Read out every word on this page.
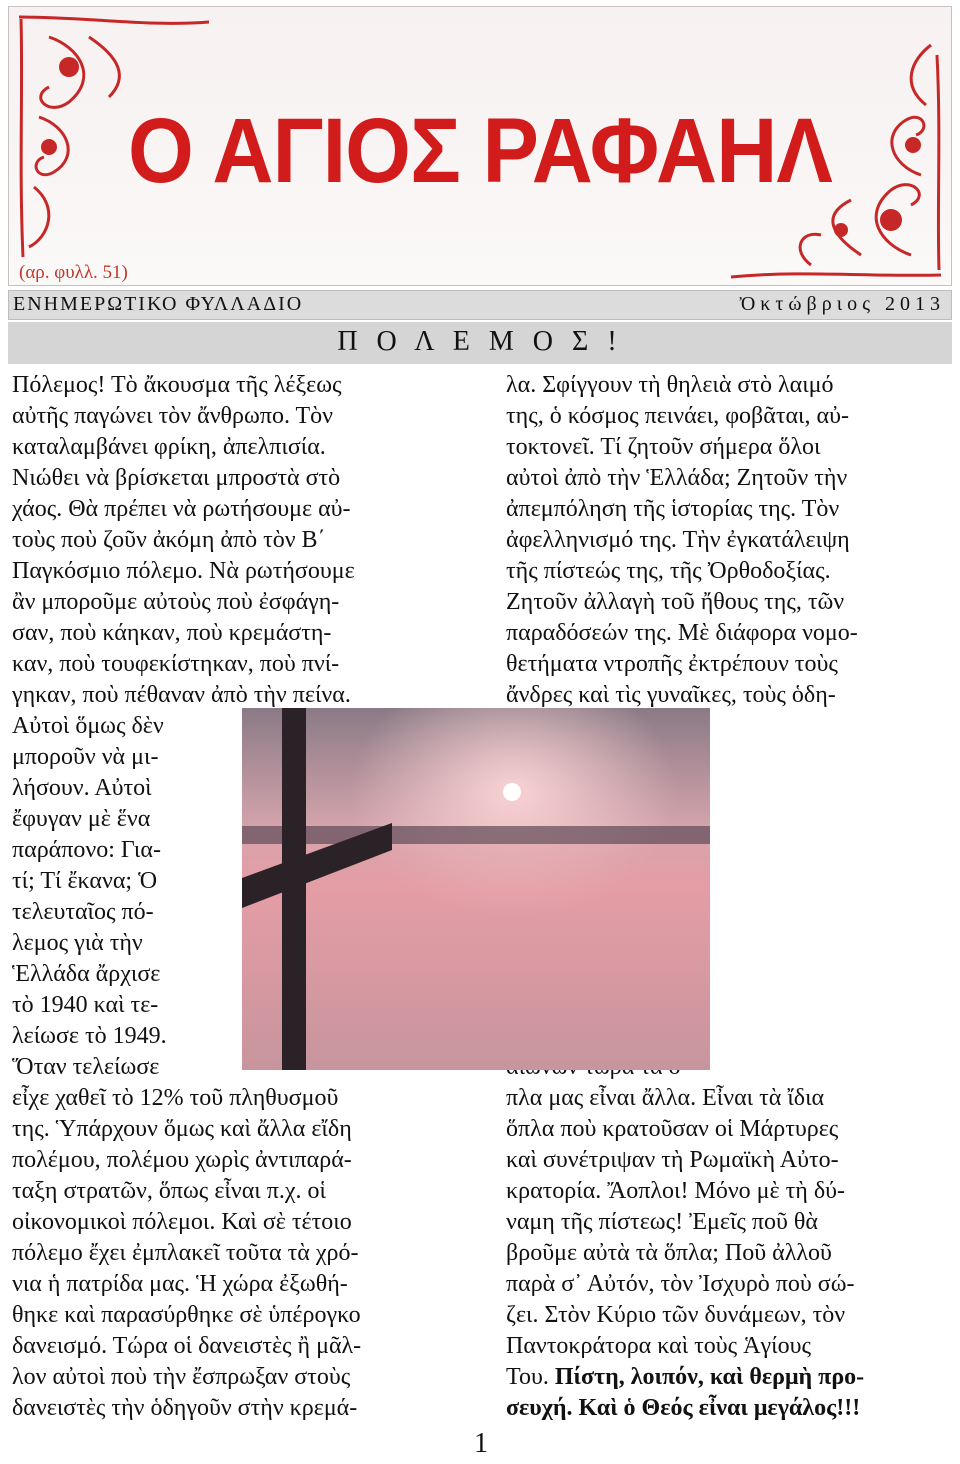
Ο ΑΓΙΟΣ ΡΑΦΑΗΛ
(αρ. φυλλ. 51)
ΕΝΗΜΕΡΩΤΙΚΟ ΦΥΛΛΑΔΙΟ	Ὀκτώβριος 2013
Π Ο Λ Ε Μ Ο Σ !
Πόλεμος! Τὸ ἄκουσμα τῆς λέξεως
αὐτῆς παγώνει τὸν ἄνθρωπο. Τὸν
καταλαμβάνει φρίκη, ἀπελπισία.
Νιώθει νὰ βρίσκεται μπροστὰ στὸ
χάος. Θὰ πρέπει νὰ ρωτήσουμε αὐ-
τοὺς ποὺ ζοῦν ἀκόμη ἀπὸ τὸν Β΄
Παγκόσμιο πόλεμο. Νὰ ρωτήσουμε
ἂν μποροῦμε αὐτοὺς ποὺ ἐσφάγη-
σαν, ποὺ κάηκαν, ποὺ κρεμάστη-
καν, ποὺ τουφεκίστηκαν, ποὺ πνί-
γηκαν, ποὺ πέθαναν ἀπὸ τὴν πείνα.
Αὐτοὶ ὅμως δὲν
μποροῦν νὰ μι-
λήσουν. Αὐτοὶ
ἔφυγαν μὲ ἕνα
παράπονο: Για-
τί; Τί ἔκανα; Ὁ
τελευταῖος πό-
λεμος γιὰ τὴν
Ἑλλάδα ἄρχισε
τὸ 1940 καὶ τε-
λείωσε τὸ 1949.
Ὅταν τελείωσε
εἶχε χαθεῖ τὸ 12% τοῦ πληθυσμοῦ
της. Ὑπάρχουν ὅμως καὶ ἄλλα εἴδη
πολέμου, πολέμου χωρὶς ἀντιπαρά-
ταξη στρατῶν, ὅπως εἶναι π.χ. οἱ
οἰκονομικοὶ πόλεμοι. Καὶ σὲ τέτοιο
πόλεμο ἔχει ἐμπλακεῖ τοῦτα τὰ χρό-
νια ἡ πατρίδα μας. Ἡ χώρα ἐξωθή-
θηκε καὶ παρασύρθηκε σὲ ὑπέρογκο
δανεισμό. Τώρα οἱ δανειστὲς ἢ μᾶλ-
λον αὐτοὶ ποὺ τὴν ἔσπρωξαν στοὺς
δανειστὲς τὴν ὁδηγοῦν στὴν κρεμά-
λα. Σφίγγουν τὴ θηλειὰ στὸ λαιμό
της, ὁ κόσμος πεινάει, φοβᾶται, αὐ-
τοκτονεῖ. Τί ζητοῦν σήμερα ὅλοι
αὐτοὶ ἀπὸ τὴν Ἑλλάδα; Ζητοῦν τὴν
ἀπεμπόληση τῆς ἱστορίας της. Τὸν
ἀφελληνισμό της. Τὴν ἐγκατάλειψη
τῆς πίστεώς της, τῆς Ὀρθοδοξίας.
Ζητοῦν ἀλλαγὴ τοῦ ἤθους της, τῶν
παραδόσεών της. Μὲ διάφορα νομο-
θετήματα ντροπῆς ἐκτρέπουν τοὺς
ἄνδρες καὶ τὶς γυναῖκες, τοὺς ὁδη-
πλα μας εἶναι ἄλλα. Εἶναι τὰ ἴδια
ὅπλα ποὺ κρατοῦσαν οἱ Μάρτυρες
καὶ συνέτριψαν τὴ Ρωμαϊκὴ Αὐτο-
κρατορία. Ἄοπλοι! Μόνο μὲ τὴ δύ-
ναμη τῆς πίστεως! Ἐμεῖς ποῦ θὰ
βροῦμε αὐτὰ τὰ ὅπλα; Ποῦ ἀλλοῦ
παρὰ σ᾽ Αὐτόν, τὸν Ἰσχυρὸ ποὺ σώ-
ζει. Στὸν Κύριο τῶν δυνάμεων, τὸν
Παντοκράτορα καὶ τοὺς Ἁγίους
Του. Πίστη, λοιπόν, καὶ θερμὴ προ-
σευχή. Καὶ ὁ Θεός εἶναι μεγάλος!!!
1
